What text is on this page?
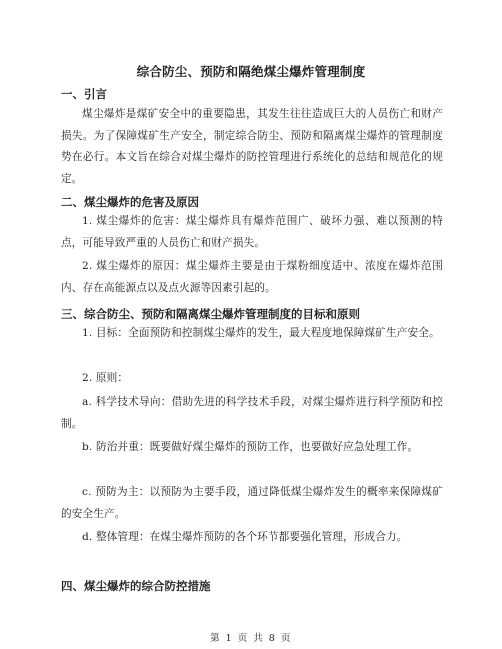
综合防尘、预防和隔绝煤尘爆炸管理制度
一、引言

煤尘爆炸是煤矿安全中的重要隐患，其发生往往造成巨大的人员伤亡和财产损失。为了保障煤矿生产安全，制定综合防尘、预防和隔离煤尘爆炸的管理制度势在必行。本文旨在综合对煤尘爆炸的防控管理进行系统化的总结和规范化的规定。

二、煤尘爆炸的危害及原因

1. 煤尘爆炸的危害：煤尘爆炸具有爆炸范围广、破坏力强、难以预测的特点，可能导致严重的人员伤亡和财产损失。

2. 煤尘爆炸的原因：煤尘爆炸主要是由于煤粉细度适中、浓度在爆炸范围内、存在高能源点以及点火源等因素引起的。

三、综合防尘、预防和隔离煤尘爆炸管理制度的目标和原则

1. 目标：全面预防和控制煤尘爆炸的发生，最大程度地保障煤矿生产安全。

2. 原则：

a. 科学技术导向：借助先进的科学技术手段，对煤尘爆炸进行科学预防和控制。

b. 防治并重：既要做好煤尘爆炸的预防工作，也要做好应急处理工作。

c. 预防为主：以预防为主要手段，通过降低煤尘爆炸发生的概率来保障煤矿的安全生产。

d. 整体管理：在煤尘爆炸预防的各个环节都要强化管理，形成合力。

四、煤尘爆炸的综合防控措施
第 1 页 共 8 页
